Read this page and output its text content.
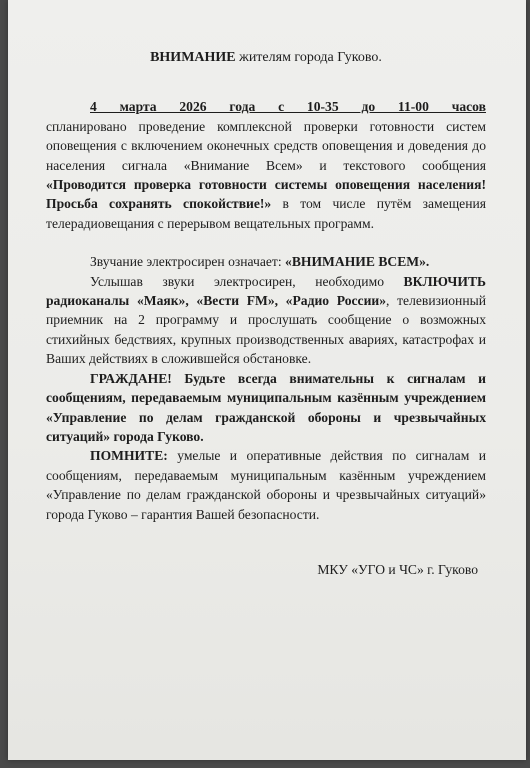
ВНИМАНИЕ жителям города Гуково.

4 марта 2026 года с 10-35 до 11-00 часов

спланировано проведение комплексной проверки готовности систем оповещения с включением оконечных средств оповещения и доведения до населения сигнала «Внимание Всем» и текстового сообщения «Проводится проверка готовности системы оповещения населения! Просьба сохранять спокойствие!» в том числе путём замещения телерадиовещания с перерывом вещательных программ.

Звучание электросирен означает: «ВНИМАНИЕ ВСЕМ».

Услышав звуки электросирен, необходимо ВКЛЮЧИТЬ радиоканалы «Маяк», «Вести FM», «Радио России», телевизионный приемник на 2 программу и прослушать сообщение о возможных стихийных бедствиях, крупных производственных авариях, катастрофах и Ваших действиях в сложившейся обстановке.

ГРАЖДАНЕ! Будьте всегда внимательны к сигналам и сообщениям, передаваемым муниципальным казённым учреждением «Управление по делам гражданской обороны и чрезвычайных ситуаций» города Гуково.

ПОМНИТЕ: умелые и оперативные действия по сигналам и сообщениям, передаваемым муниципальным казённым учреждением «Управление по делам гражданской обороны и чрезвычайных ситуаций» города Гуково – гарантия Вашей безопасности.

МКУ «УГО и ЧС» г. Гуково
